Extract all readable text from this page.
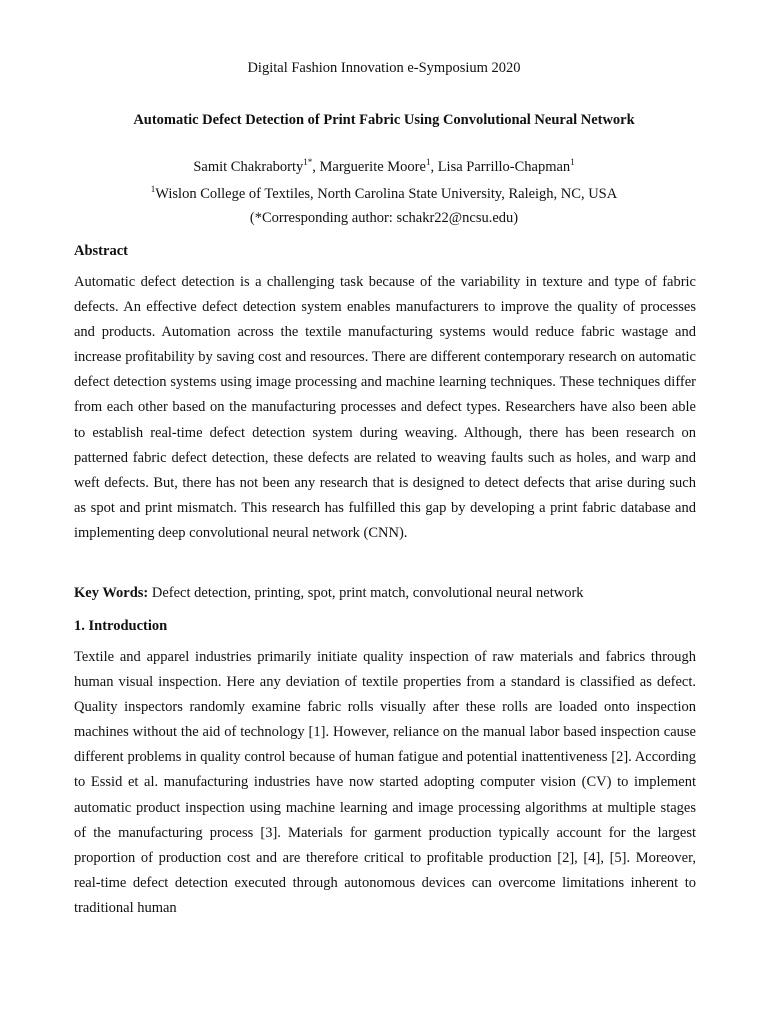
Digital Fashion Innovation e-Symposium 2020
Automatic Defect Detection of Print Fabric Using Convolutional Neural Network
Samit Chakraborty$^{1*}$, Marguerite Moore$^1$, Lisa Parrillo-Chapman$^1$
$^1$Wislon College of Textiles, North Carolina State University, Raleigh, NC, USA
(*Corresponding author: schakr22@ncsu.edu)
Abstract

Automatic defect detection is a challenging task because of the variability in texture and type of fabric defects. An effective defect detection system enables manufacturers to improve the quality of processes and products. Automation across the textile manufacturing systems would reduce fabric wastage and increase profitability by saving cost and resources. There are different contemporary research on automatic defect detection systems using image processing and machine learning techniques. These techniques differ from each other based on the manufacturing processes and defect types. Researchers have also been able to establish real-time defect detection system during weaving. Although, there has been research on patterned fabric defect detection, these defects are related to weaving faults such as holes, and warp and weft defects. But, there has not been any research that is designed to detect defects that arise during such as spot and print mismatch. This research has fulfilled this gap by developing a print fabric database and implementing deep convolutional neural network (CNN).

Key Words: Defect detection, printing, spot, print match, convolutional neural network
1. Introduction

Textile and apparel industries primarily initiate quality inspection of raw materials and fabrics through human visual inspection. Here any deviation of textile properties from a standard is classified as defect. Quality inspectors randomly examine fabric rolls visually after these rolls are loaded onto inspection machines without the aid of technology [1]. However, reliance on the manual labor based inspection cause different problems in quality control because of human fatigue and potential inattentiveness [2]. According to Essid et al. manufacturing industries have now started adopting computer vision (CV) to implement automatic product inspection using machine learning and image processing algorithms at multiple stages of the manufacturing process [3]. Materials for garment production typically account for the largest proportion of production cost and are therefore critical to profitable production [2], [4], [5]. Moreover, real-time defect detection executed through autonomous devices can overcome limitations inherent to traditional human
